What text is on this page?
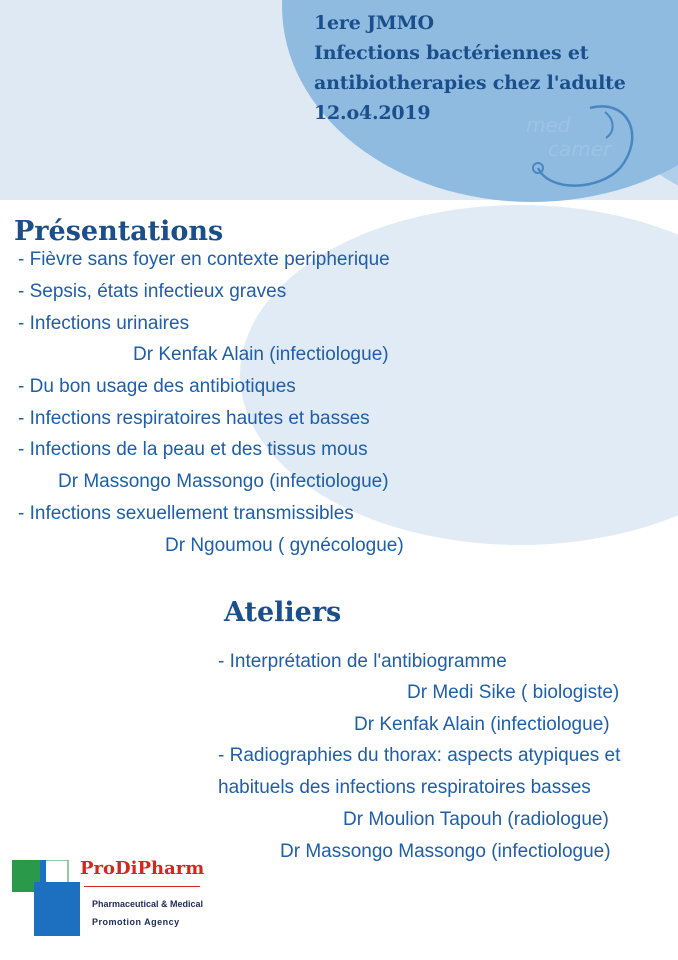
1ere JMMO
Infections bactériennes et
antibiotherapies chez l'adulte
12.o4.2019	med
camer
Présentations
- Fièvre sans foyer en contexte peripherique
- Sepsis, états infectieux graves
- Infections urinaires
Dr Kenfak Alain (infectiologue)
- Du bon usage des antibiotiques
- Infections respiratoires hautes et basses
- Infections de la peau et des tissus mous
Dr Massongo Massongo (infectiologue)
- Infections sexuellement transmissibles
Dr Ngoumou ( gynécologue)
Ateliers
- Interprétation de l'antibiogramme
Dr Medi Sike ( biologiste)
Dr Kenfak Alain (infectiologue)
- Radiographies du thorax: aspects atypiques et
habituels des infections respiratoires basses
Dr Moulion Tapouh (radiologue)
Dr Massongo Massongo (infectiologue)
ProDiPharm
Pharmaceutical & Medical
Promotion Agency
